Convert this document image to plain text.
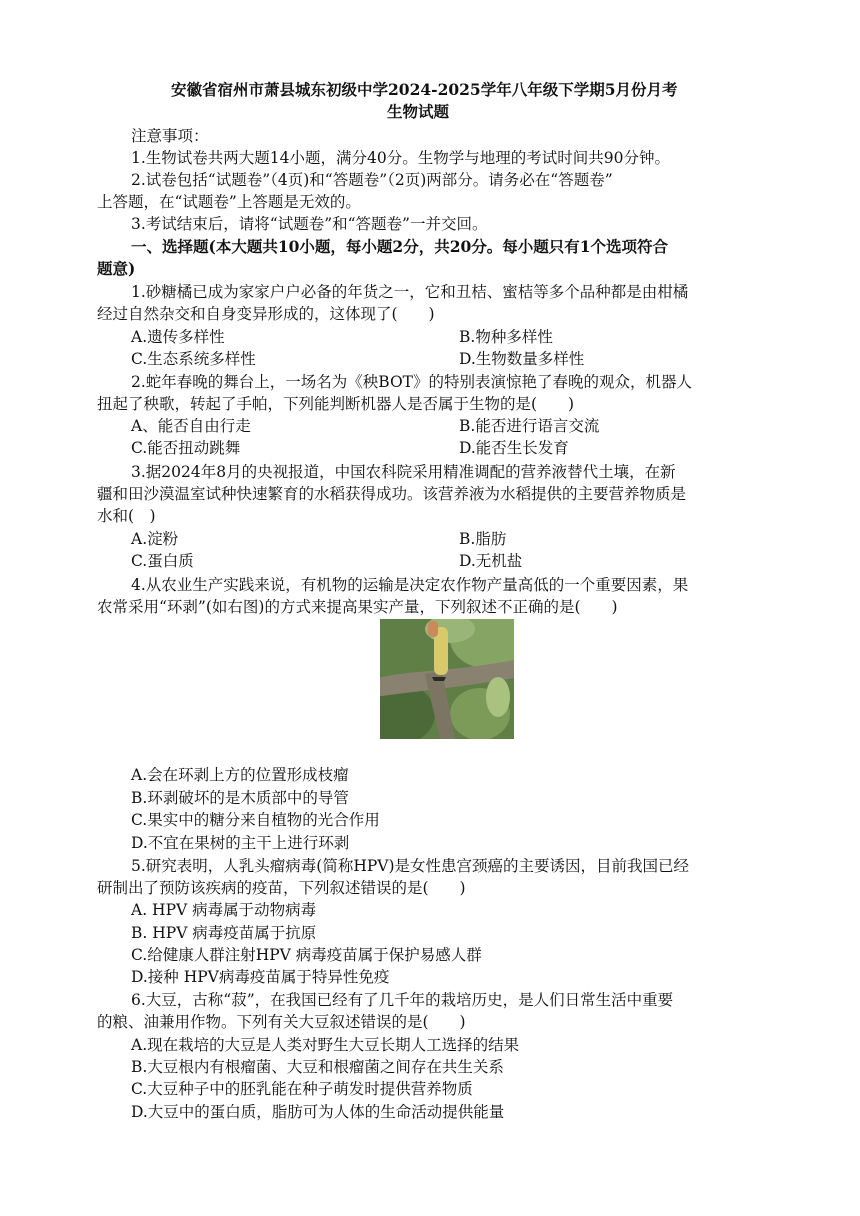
安徽省宿州市萧县城东初级中学2024-2025学年八年级下学期5月份月考
生物试题
注意事项：
1.生物试卷共两大题14小题，满分40分。生物学与地理的考试时间共90分钟。
2.试卷包括“试题卷”（4页)和“答题卷”（2页)两部分。请务必在“答题卷”
上答题，在“试题卷”上答题是无效的。
3.考试结束后，请将“试题卷”和“答题卷”一并交回。
一、选择题(本大题共10小题，每小题2分，共20分。每小题只有1个选项符合
题意)
1.砂糖橘已成为家家户户必备的年货之一，它和丑桔、蜜桔等多个品种都是由柑橘
经过自然杂交和自身变异形成的，这体现了(　　)
A.遗传多样性	B.物种多样性
C.生态系统多样性	D.生物数量多样性
2.蛇年春晚的舞台上，一场名为《秧BOT》的特别表演惊艳了春晚的观众，机器人
扭起了秧歌，转起了手帕，下列能判断机器人是否属于生物的是(　　)
A、能否自由行走	B.能否进行语言交流
C.能否扭动跳舞	D.能否生长发育
3.据2024年8月的央视报道，中国农科院采用精准调配的营养液替代土壤，在新
疆和田沙漠温室试种快速繁育的水稻获得成功。该营养液为水稻提供的主要营养物质是
水和(　)
A.淀粉	B.脂肪
C.蛋白质	D.无机盐
4.从农业生产实践来说，有机物的运输是决定农作物产量高低的一个重要因素，果
农常采用“环剥”(如右图)的方式来提高果实产量，下列叙述不正确的是(　　)
A.会在环剥上方的位置形成枝瘤
B.环剥破坏的是木质部中的导管
C.果实中的糖分来自植物的光合作用
D.不宜在果树的主干上进行环剥
5.研究表明，人乳头瘤病毒(简称HPV)是女性患宫颈癌的主要诱因，目前我国已经
研制出了预防该疾病的疫苗，下列叙述错误的是(　　)
A. HPV 病毒属于动物病毒
B. HPV 病毒疫苗属于抗原
C.给健康人群注射HPV 病毒疫苗属于保护易感人群
D.接种 HPV病毒疫苗属于特异性免疫
6.大豆，古称“菽”，在我国已经有了几千年的栽培历史，是人们日常生活中重要
的粮、油兼用作物。下列有关大豆叙述错误的是(　　)
A.现在栽培的大豆是人类对野生大豆长期人工选择的结果
B.大豆根内有根瘤菌、大豆和根瘤菌之间存在共生关系
C.大豆种子中的胚乳能在种子萌发时提供营养物质
D.大豆中的蛋白质，脂肪可为人体的生命活动提供能量
